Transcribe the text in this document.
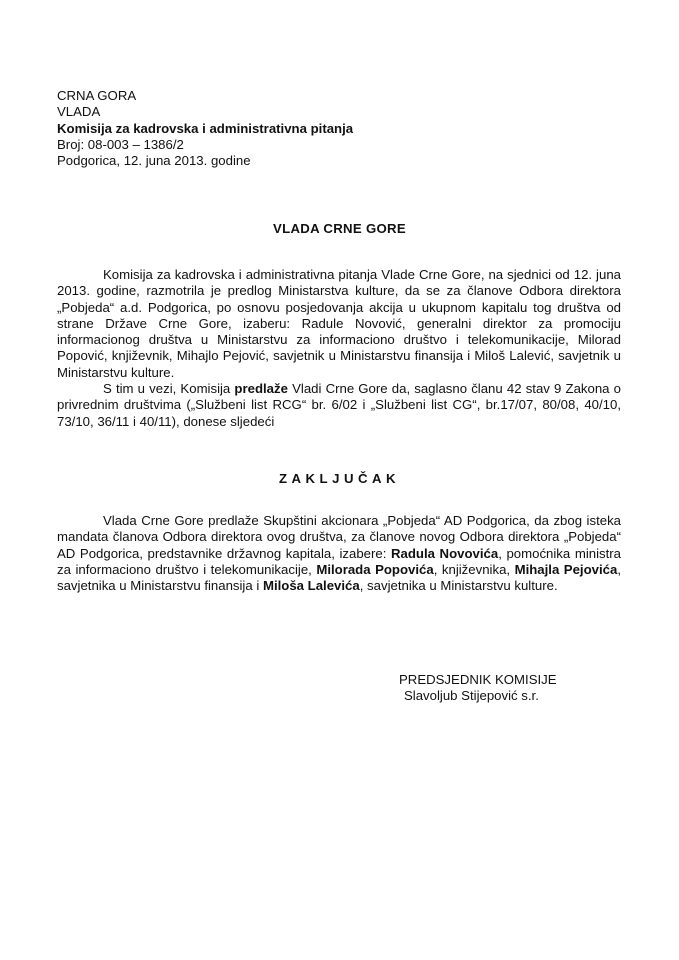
CRNA GORA
VLADA
Komisija za kadrovska i administrativna pitanja
Broj: 08-003 – 1386/2
Podgorica, 12. juna 2013. godine
VLADA CRNE GORE
Komisija za kadrovska i administrativna pitanja Vlade Crne Gore, na sjednici od 12. juna 2013. godine, razmotrila je predlog Ministarstva kulture, da se za članove Odbora direktora „Pobjeda“ a.d. Podgorica, po osnovu posjedovanja akcija u ukupnom kapitalu tog društva od strane Države Crne Gore, izaberu: Radule Novović, generalni direktor za promociju informacionog društva u Ministarstvu za informaciono društvo i telekomunikacije, Milorad Popović, književnik, Mihajlo Pejović, savjetnik u Ministarstvu finansija i Miloš Lalević, savjetnik u Ministarstvu kulture.
S tim u vezi, Komisija predlaže Vladi Crne Gore da, saglasno članu 42 stav 9 Zakona o privrednim društvima („Službeni list RCG“ br. 6/02 i „Službeni list CG“, br.17/07, 80/08, 40/10, 73/10, 36/11 i 40/11), donese sljedeći
ZAKLJUČAK
Vlada Crne Gore predlaže Skupštini akcionara „Pobjeda“ AD Podgorica, da zbog isteka mandata članova Odbora direktora ovog društva, za članove novog Odbora direktora „Pobjeda“ AD Podgorica, predstavnike državnog kapitala, izabere: Radula Novovića, pomoćnika ministra za informaciono društvo i telekomunikacije, Milorada Popovića, književnika, Mihajla Pejovića, savjetnika u Ministarstvu finansija i Miloša Lalevića, savjetnika u Ministarstvu kulture.
PREDSJEDNIK KOMISIJE
Slavoljub Stijepović s.r.
